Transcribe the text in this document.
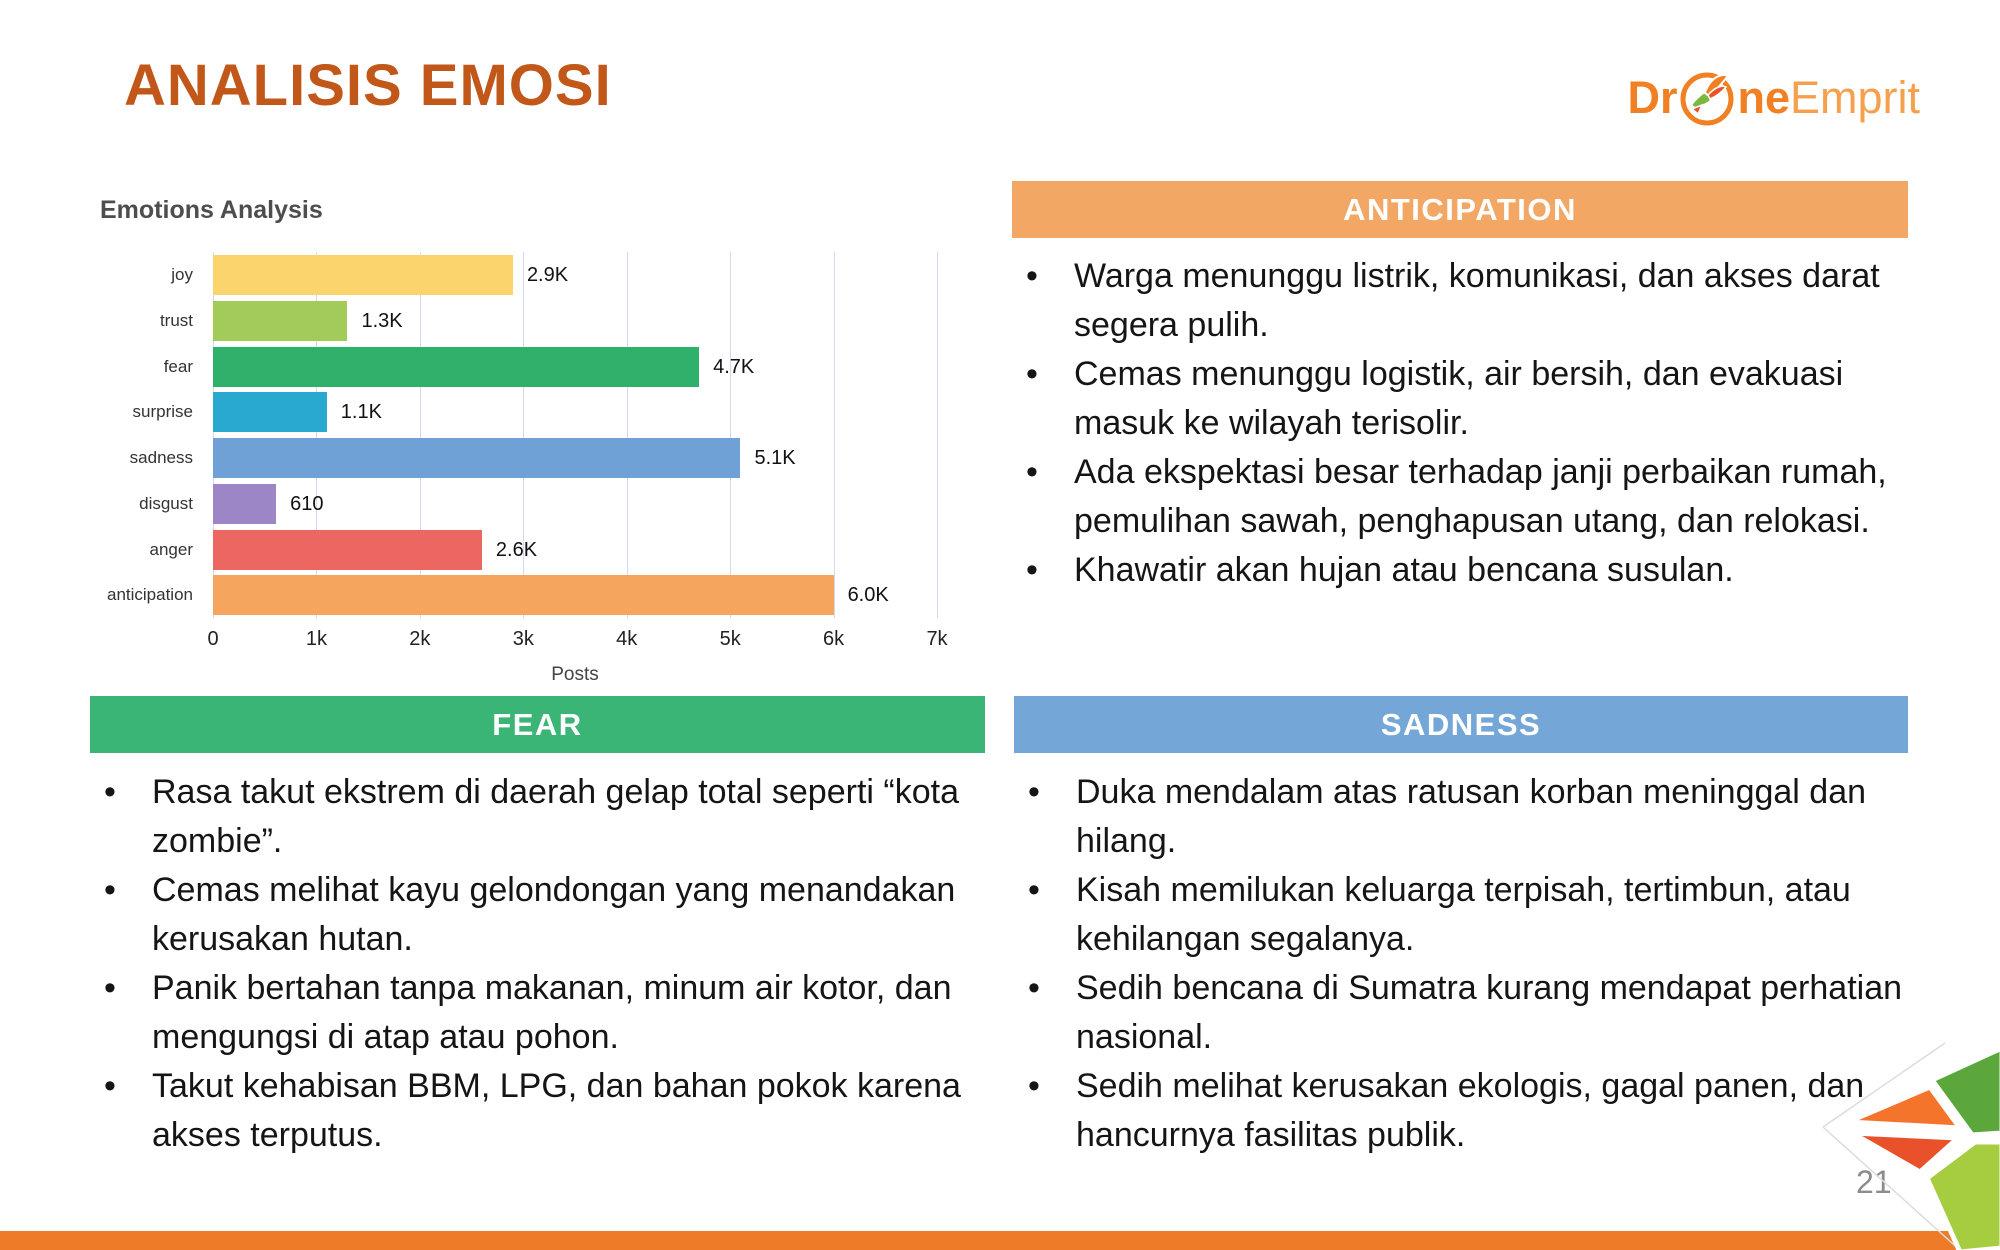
ANALISIS EMOSI	Dr ne Emprit
Emotions Analysis
joy
trust
fear
surprise
sadness
disgust
anger
anticipation
2.9K
1.3K
4.7K
1.1K
5.1K
610
2.6K
6.0K
0	1k	2k	3k	4k	5k	6k	7k
Posts
ANTICIPATION
• Warga menunggu listrik, komunikasi, dan akses darat segera pulih.
• Cemas menunggu logistik, air bersih, dan evakuasi masuk ke wilayah terisolir.
• Ada ekspektasi besar terhadap janji perbaikan rumah, pemulihan sawah, penghapusan utang, dan relokasi.
• Khawatir akan hujan atau bencana susulan.
FEAR
• Rasa takut ekstrem di daerah gelap total seperti “kota zombie”.
• Cemas melihat kayu gelondongan yang menandakan kerusakan hutan.
• Panik bertahan tanpa makanan, minum air kotor, dan mengungsi di atap atau pohon.
• Takut kehabisan BBM, LPG, dan bahan pokok karena akses terputus.
SADNESS
• Duka mendalam atas ratusan korban meninggal dan hilang.
• Kisah memilukan keluarga terpisah, tertimbun, atau kehilangan segalanya.
• Sedih bencana di Sumatra kurang mendapat perhatian nasional.
• Sedih melihat kerusakan ekologis, gagal panen, dan hancurnya fasilitas publik.
21
